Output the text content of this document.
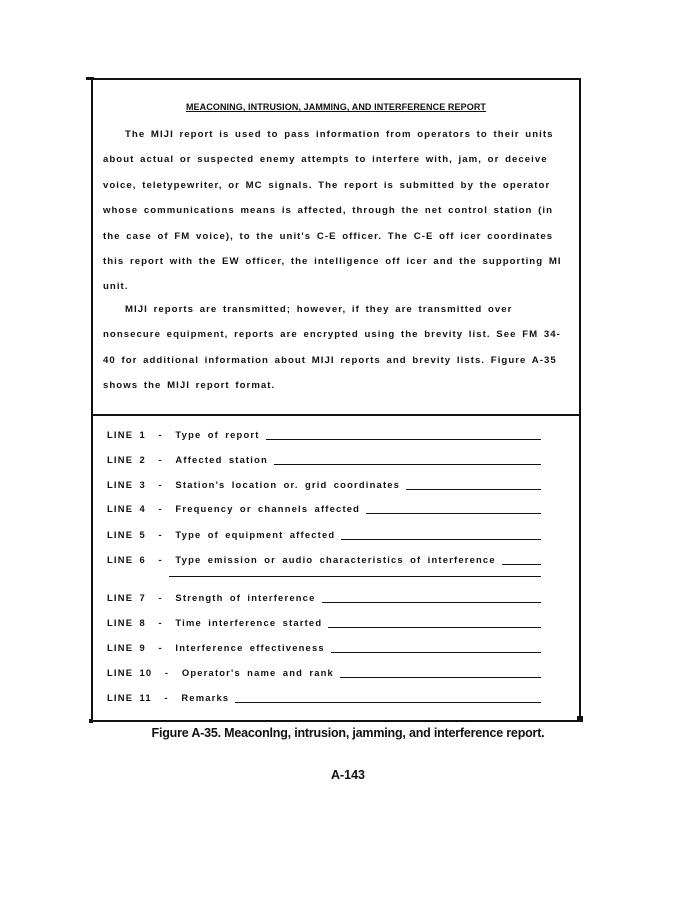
MEACONING, INTRUSION, JAMMING, AND INTERFERENCE REPORT

The MIJI report is used to pass information from operators to their units about actual or suspected enemy attempts to interfere with, jam, or deceive voice, teletypewriter, or MC signals. The report is submitted by the operator whose communications means is affected, through the net control station (in the case of FM voice), to the unit's C-E officer. The C-E off icer coordinates this report with the EW officer, the intelligence off icer and the supporting MI unit.

MIJI reports are transmitted; however, if they are transmitted over nonsecure equipment, reports are encrypted using the brevity list. See FM 34-40 for additional information about MIJI reports and brevity lists. Figure A-35 shows the MIJI report format.

LINE 1 - Type of report
LINE 2 - Affected station
LINE 3 - Station's location or. grid coordinates
LINE 4 - Frequency or channels affected
LINE 5 - Type of equipment affected
LINE 6 - Type emission or audio characteristics of interference
LINE 7 - Strength of interference
LINE 8 - Time interference started
LINE 9 - Interference effectiveness
LINE 10 - Operator's name and rank
LINE 11 - Remarks
Figure A-35. Meaconlng, intrusion, jamming, and interference report.
A-143
